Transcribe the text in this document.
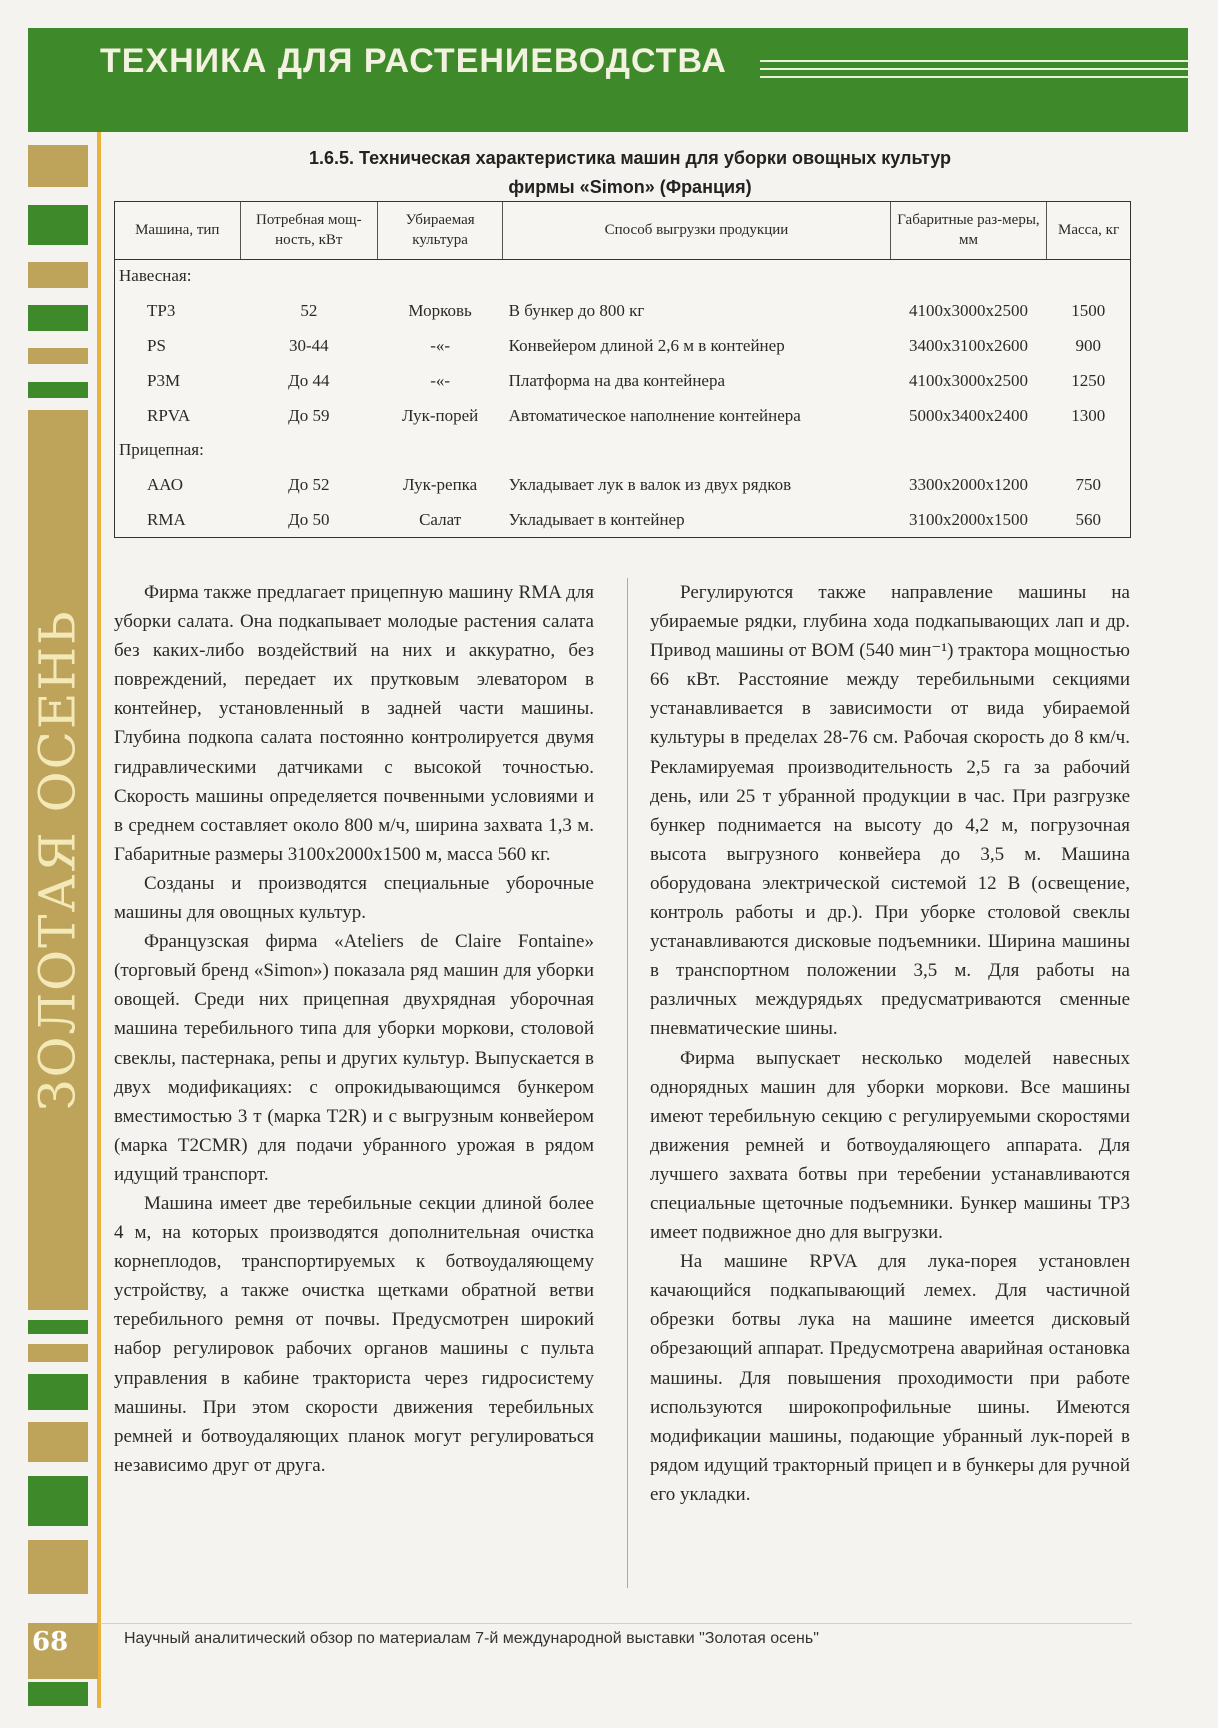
ЗОЛОТАЯ ОСЕНЬ
ТЕХНИКА ДЛЯ РАСТЕНИЕВОДСТВА
1.6.5. Техническая характеристика машин для уборки овощных культур
фирмы «Simon» (Франция)
Машина, тип	Потребная мощ-ность, кВт	Убираемая культура	Способ выгрузки продукции	Габаритные раз-меры, мм	Масса, кг
Навесная:					
ТР3	52	Морковь	В бункер до 800 кг	4100х3000х2500	1500
PS	30-44	-«-	Конвейером длиной 2,6 м в контейнер	3400х3100х2600	900
Р3М	До 44	-«-	Платформа на два контейнера	4100х3000х2500	1250
RPVA	До 59	Лук-порей	Автоматическое наполнение контейнера	5000х3400х2400	1300
Прицепная:					
ААО	До 52	Лук-репка	Укладывает лук в валок из двух рядков	3300х2000х1200	750
RMA	До 50	Салат	Укладывает в контейнер	3100х2000х1500	560

Фирма также предлагает прицепную машину RMA для уборки салата. Она подкапывает молодые растения салата без каких-либо воздействий на них и аккуратно, без повреждений, передает их прутковым элеватором в контейнер, установленный в задней части машины. Глубина подкопа салата постоянно контролируется двумя гидравлическими датчиками с высокой точностью. Скорость машины определяется почвенными условиями и в среднем составляет около 800 м/ч, ширина захвата 1,3 м. Габаритные размеры 3100х2000х1500 м, масса 560 кг.

Созданы и производятся специальные уборочные машины для овощных культур.

Французская фирма «Ateliers de Claire Fontaine» (торговый бренд «Simon») показала ряд машин для уборки овощей. Среди них прицепная двухрядная уборочная машина теребильного типа для уборки моркови, столовой свеклы, пастернака, репы и других культур. Выпускается в двух модификациях: с опрокидывающимся бункером вместимостью 3 т (марка T2R) и с выгрузным конвейером (марка T2CMR) для подачи убранного урожая в рядом идущий транспорт.

Машина имеет две теребильные секции длиной более 4 м, на которых производятся дополнительная очистка корнеплодов, транспортируемых к ботвоудаляющему устройству, а также очистка щетками обратной ветви теребильного ремня от почвы. Предусмотрен широкий набор регулировок рабочих органов машины с пульта управления в кабине тракториста через гидросистему машины. При этом скорости движения теребильных ремней и ботвоудаляющих планок могут регулироваться независимо друг от друга.

Регулируются также направление машины на убираемые рядки, глубина хода подкапывающих лап и др. Привод машины от ВОМ (540 мин⁻¹) трактора мощностью 66 кВт. Расстояние между теребильными секциями устанавливается в зависимости от вида убираемой культуры в пределах 28-76 см. Рабочая скорость до 8 км/ч. Рекламируемая производительность 2,5 га за рабочий день, или 25 т убранной продукции в час. При разгрузке бункер поднимается на высоту до 4,2 м, погрузочная высота выгрузного конвейера до 3,5 м. Машина оборудована электрической системой 12 В (освещение, контроль работы и др.). При уборке столовой свеклы устанавливаются дисковые подъемники. Ширина машины в транспортном положении 3,5 м. Для работы на различных междурядьях предусматриваются сменные пневматические шины.

Фирма выпускает несколько моделей навесных однорядных машин для уборки моркови. Все машины имеют теребильную секцию с регулируемыми скоростями движения ремней и ботвоудаляющего аппарата. Для лучшего захвата ботвы при теребении устанавливаются специальные щеточные подъемники. Бункер машины ТР3 имеет подвижное дно для выгрузки.

На машине RPVA для лука-порея установлен качающийся подкапывающий лемех. Для частичной обрезки ботвы лука на машине имеется дисковый обрезающий аппарат. Предусмотрена аварийная остановка машины. Для повышения проходимости при работе используются широкопрофильные шины. Имеются модификации машины, подающие убранный лук-порей в рядом идущий тракторный прицеп и в бункеры для ручной его укладки.

68	Научный аналитический обзор по материалам 7-й международной выставки "Золотая осень"
